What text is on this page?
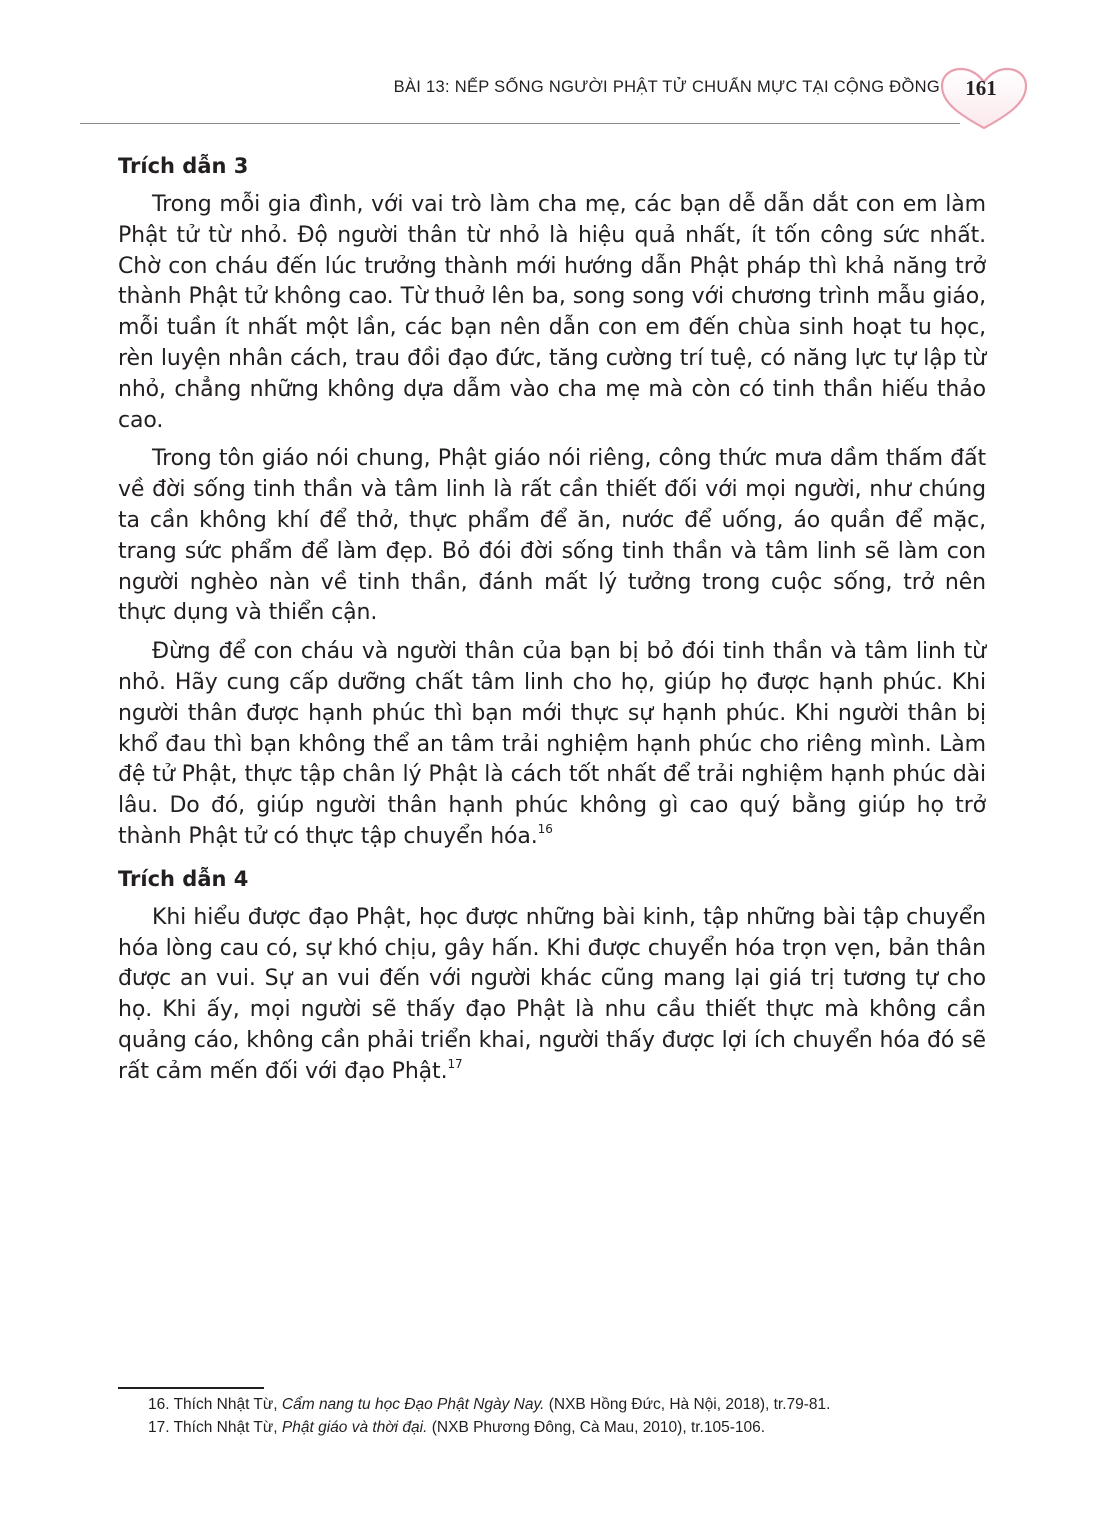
BÀI 13: NẾP SỐNG NGƯỜI PHẬT TỬ CHUẨN MỰC TẠI CỘNG ĐỒNG	161
Trích dẫn 3

Trong mỗi gia đình, với vai trò làm cha mẹ, các bạn dễ dẫn dắt con em làm Phật tử từ nhỏ. Độ người thân từ nhỏ là hiệu quả nhất, ít tốn công sức nhất. Chờ con cháu đến lúc trưởng thành mới hướng dẫn Phật pháp thì khả năng trở thành Phật tử không cao. Từ thuở lên ba, song song với chương trình mẫu giáo, mỗi tuần ít nhất một lần, các bạn nên dẫn con em đến chùa sinh hoạt tu học, rèn luyện nhân cách, trau đồi đạo đức, tăng cường trí tuệ, có năng lực tự lập từ nhỏ, chẳng những không dựa dẫm vào cha mẹ mà còn có tinh thần hiếu thảo cao.

Trong tôn giáo nói chung, Phật giáo nói riêng, công thức mưa dầm thấm đất về đời sống tinh thần và tâm linh là rất cần thiết đối với mọi người, như chúng ta cần không khí để thở, thực phẩm để ăn, nước để uống, áo quần để mặc, trang sức phẩm để làm đẹp. Bỏ đói đời sống tinh thần và tâm linh sẽ làm con người nghèo nàn về tinh thần, đánh mất lý tưởng trong cuộc sống, trở nên thực dụng và thiển cận.

Đừng để con cháu và người thân của bạn bị bỏ đói tinh thần và tâm linh từ nhỏ. Hãy cung cấp dưỡng chất tâm linh cho họ, giúp họ được hạnh phúc. Khi người thân được hạnh phúc thì bạn mới thực sự hạnh phúc. Khi người thân bị khổ đau thì bạn không thể an tâm trải nghiệm hạnh phúc cho riêng mình. Làm đệ tử Phật, thực tập chân lý Phật là cách tốt nhất để trải nghiệm hạnh phúc dài lâu. Do đó, giúp người thân hạnh phúc không gì cao quý bằng giúp họ trở thành Phật tử có thực tập chuyển hóa.$^{16}$

Trích dẫn 4

Khi hiểu được đạo Phật, học được những bài kinh, tập những bài tập chuyển hóa lòng cau có, sự khó chịu, gây hấn. Khi được chuyển hóa trọn vẹn, bản thân được an vui. Sự an vui đến với người khác cũng mang lại giá trị tương tự cho họ. Khi ấy, mọi người sẽ thấy đạo Phật là nhu cầu thiết thực mà không cần quảng cáo, không cần phải triển khai, người thấy được lợi ích chuyển hóa đó sẽ rất cảm mến đối với đạo Phật.$^{17}$

16. Thích Nhật Từ, Cẩm nang tu học Đạo Phật Ngày Nay. (NXB Hồng Đức, Hà Nội, 2018), tr.79-81.
17. Thích Nhật Từ, Phật giáo và thời đại. (NXB Phương Đông, Cà Mau, 2010), tr.105-106.
